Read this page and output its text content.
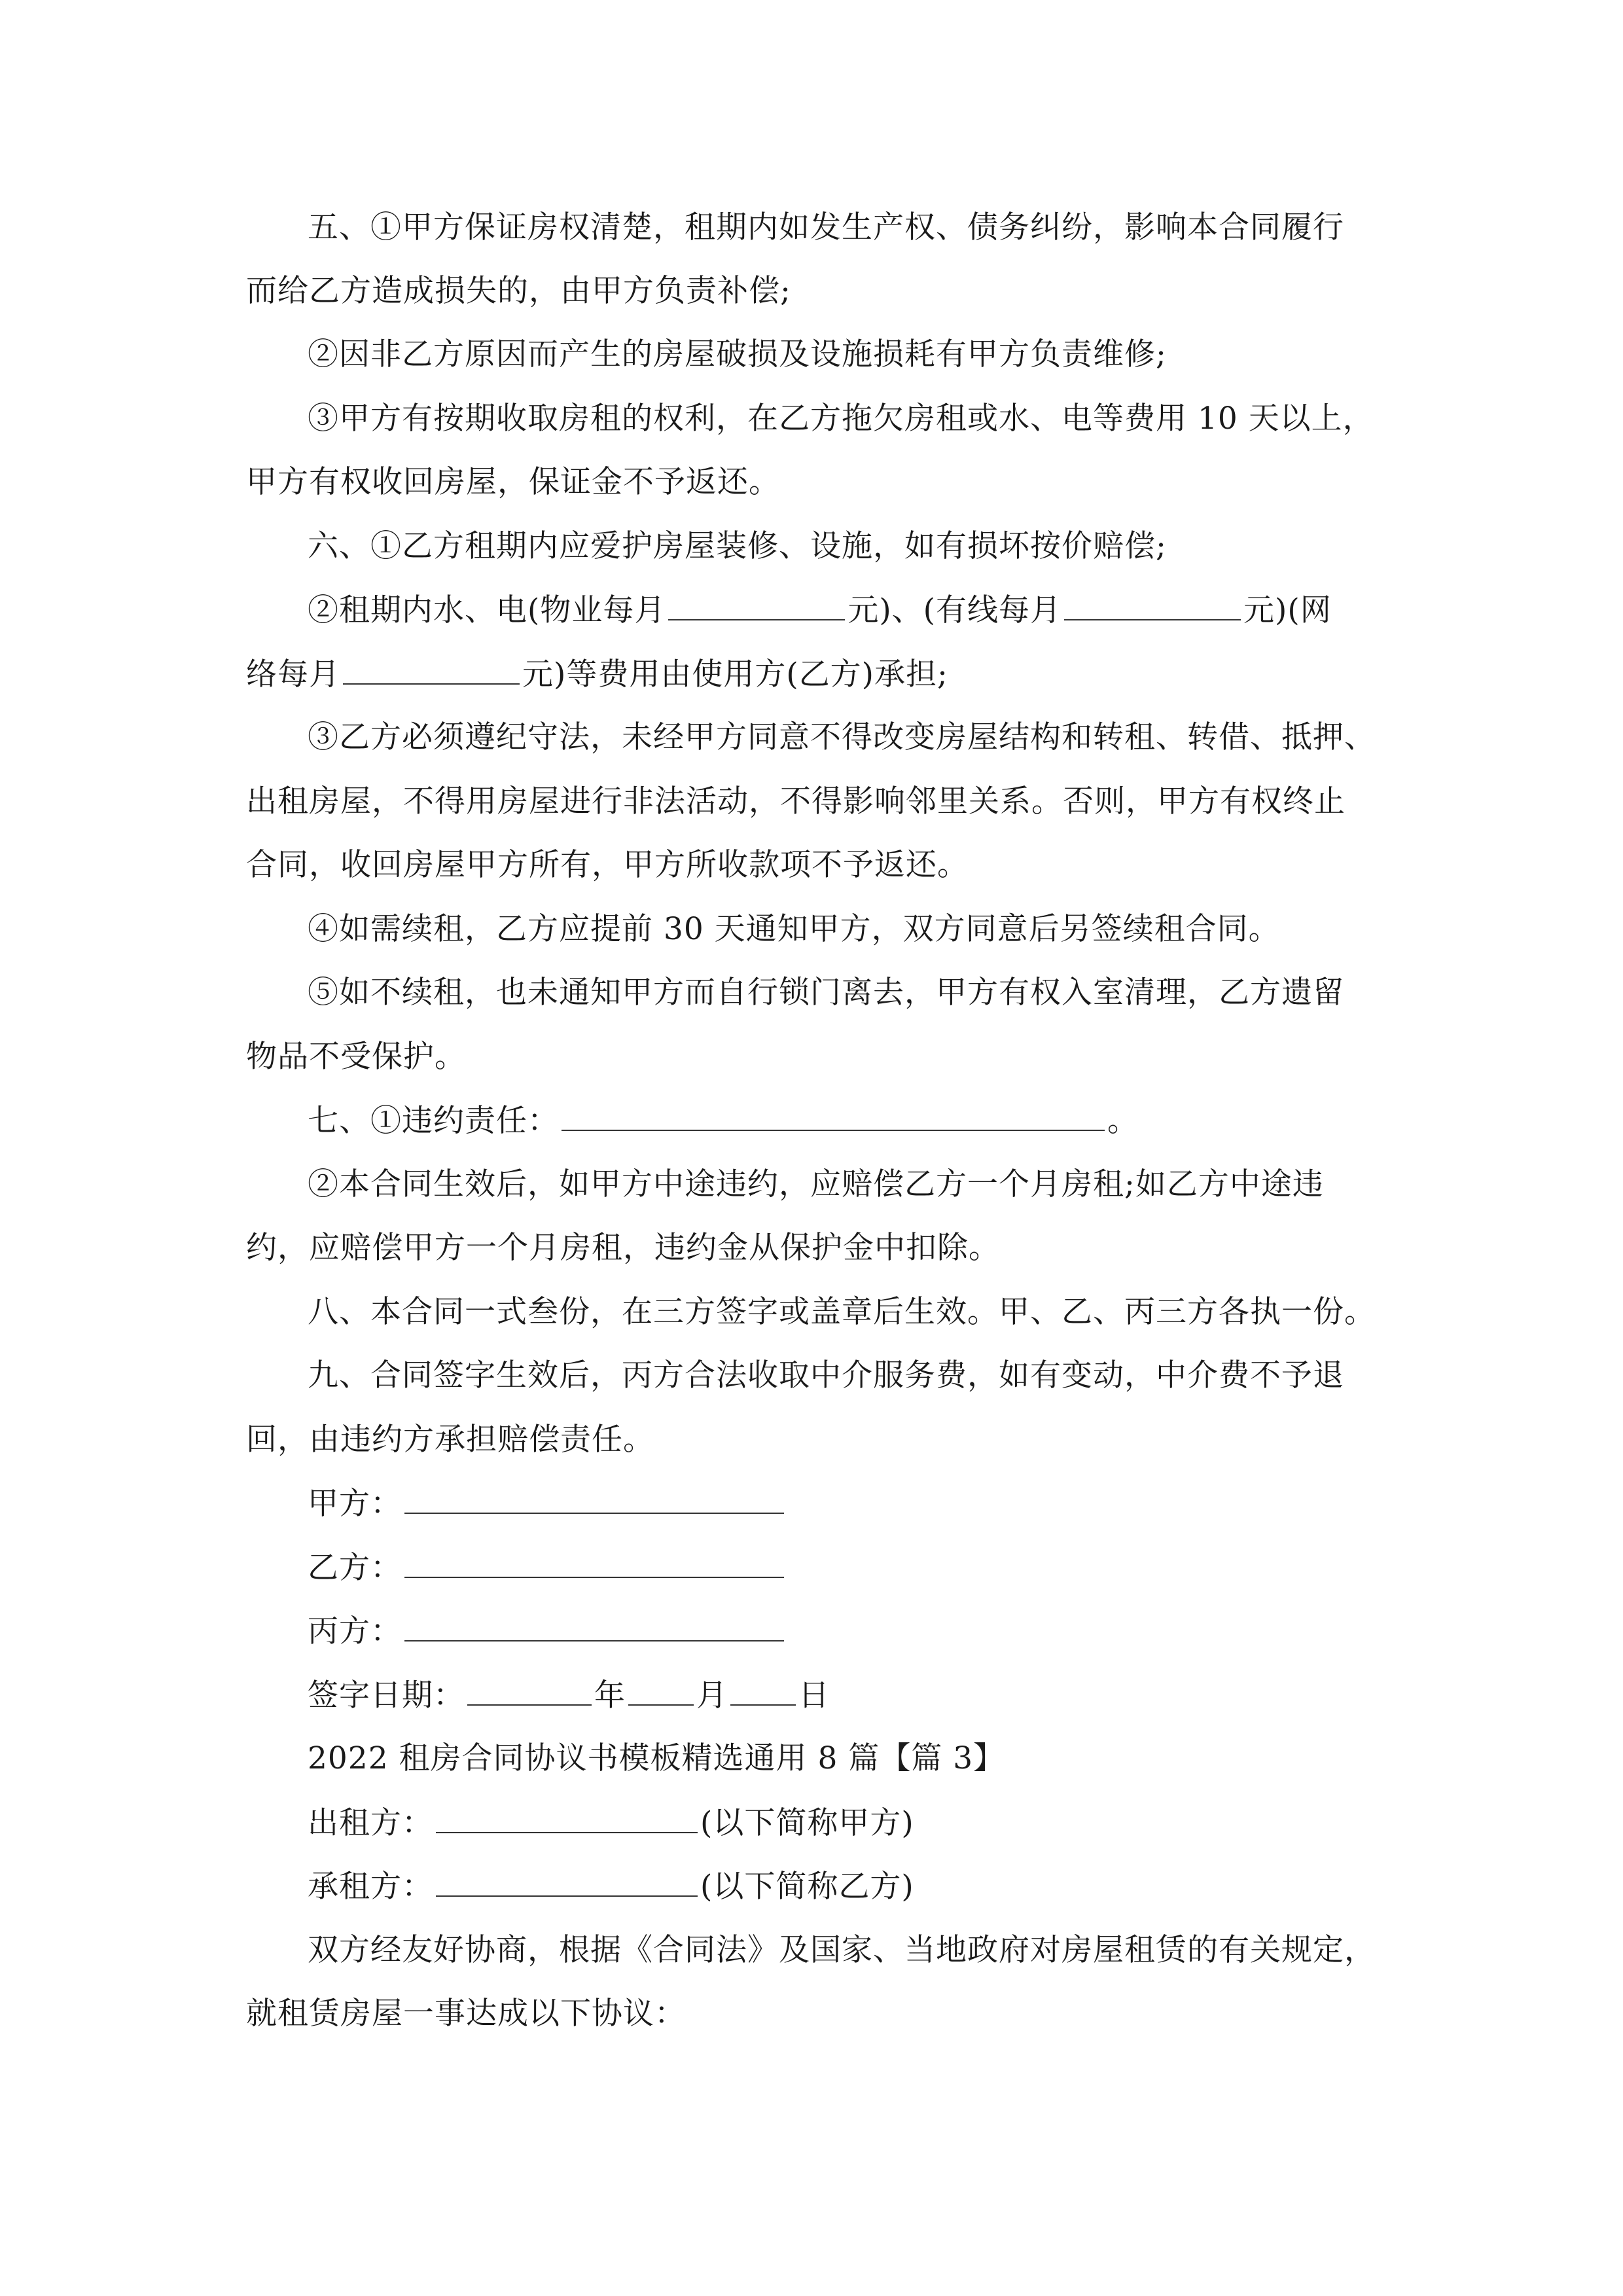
五、①甲方保证房权清楚，租期内如发生产权、债务纠纷，影响本合同履行
而给乙方造成损失的，由甲方负责补偿;
②因非乙方原因而产生的房屋破损及设施损耗有甲方负责维修;
③甲方有按期收取房租的权利，在乙方拖欠房租或水、电等费用 10 天以上，
甲方有权收回房屋，保证金不予返还。
六、①乙方租期内应爱护房屋装修、设施，如有损坏按价赔偿;
②租期内水、电(物业每月	元)、(有线每月	元)(网
络每月	元)等费用由使用方(乙方)承担;
③乙方必须遵纪守法，未经甲方同意不得改变房屋结构和转租、转借、抵押、
出租房屋，不得用房屋进行非法活动，不得影响邻里关系。否则，甲方有权终止
合同，收回房屋甲方所有，甲方所收款项不予返还。
④如需续租，乙方应提前 30 天通知甲方，双方同意后另签续租合同。
⑤如不续租，也未通知甲方而自行锁门离去，甲方有权入室清理，乙方遗留
物品不受保护。
七、①违约责任：	。
②本合同生效后，如甲方中途违约，应赔偿乙方一个月房租;如乙方中途违
约，应赔偿甲方一个月房租，违约金从保护金中扣除。
八、本合同一式叁份，在三方签字或盖章后生效。甲、乙、丙三方各执一份。
九、合同签字生效后，丙方合法收取中介服务费，如有变动，中介费不予退
回，由违约方承担赔偿责任。
甲方：
乙方：
丙方：
签字日期：	年 月 日
2022 租房合同协议书模板精选通用 8 篇【篇 3】
出租方：	(以下简称甲方)
承租方：	(以下简称乙方)
双方经友好协商，根据《合同法》及国家、当地政府对房屋租赁的有关规定，
就租赁房屋一事达成以下协议：
